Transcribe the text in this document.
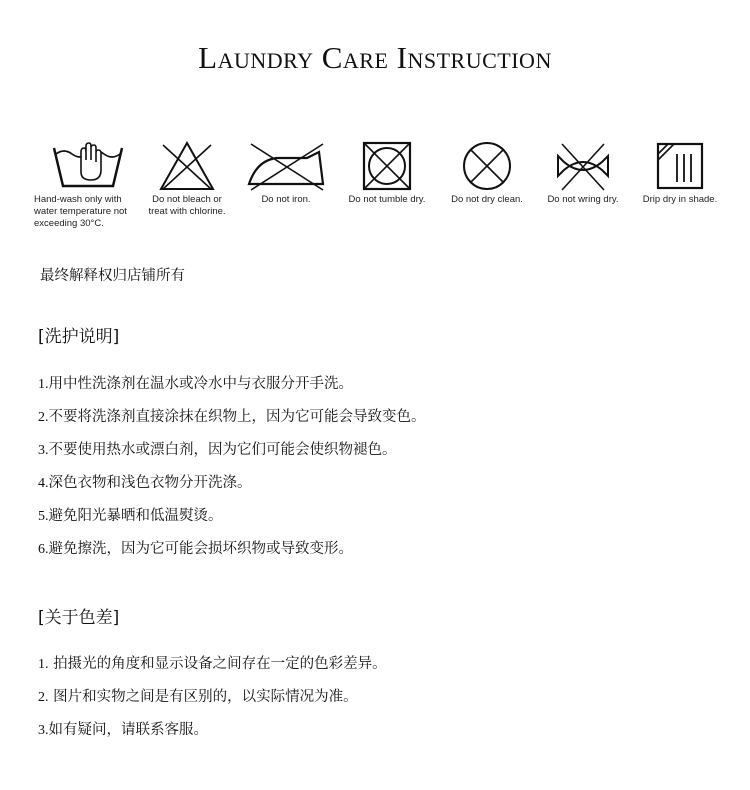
Laundry Care Instruction
Hand-wash only with water temperature not exceeding 30°C.
Do not bleach or treat with chlorine.
Do not iron.	Do not tumble dry.	Do not dry clean.	Do not wring dry.	Drip dry in shade.
最终解释权归店铺所有
[洗护说明]
1.用中性洗涤剂在温水或冷水中与衣服分开手洗。
2.不要将洗涤剂直接涂抹在织物上，因为它可能会导致变色。
3.不要使用热水或漂白剂，因为它们可能会使织物褪色。
4.深色衣物和浅色衣物分开洗涤。
5.避免阳光暴晒和低温熨烫。
6.避免擦洗，因为它可能会损坏织物或导致变形。
[关于色差]
1. 拍摄光的角度和显示设备之间存在一定的色彩差异。
2. 图片和实物之间是有区别的，以实际情况为准。
3.如有疑问，请联系客服。
